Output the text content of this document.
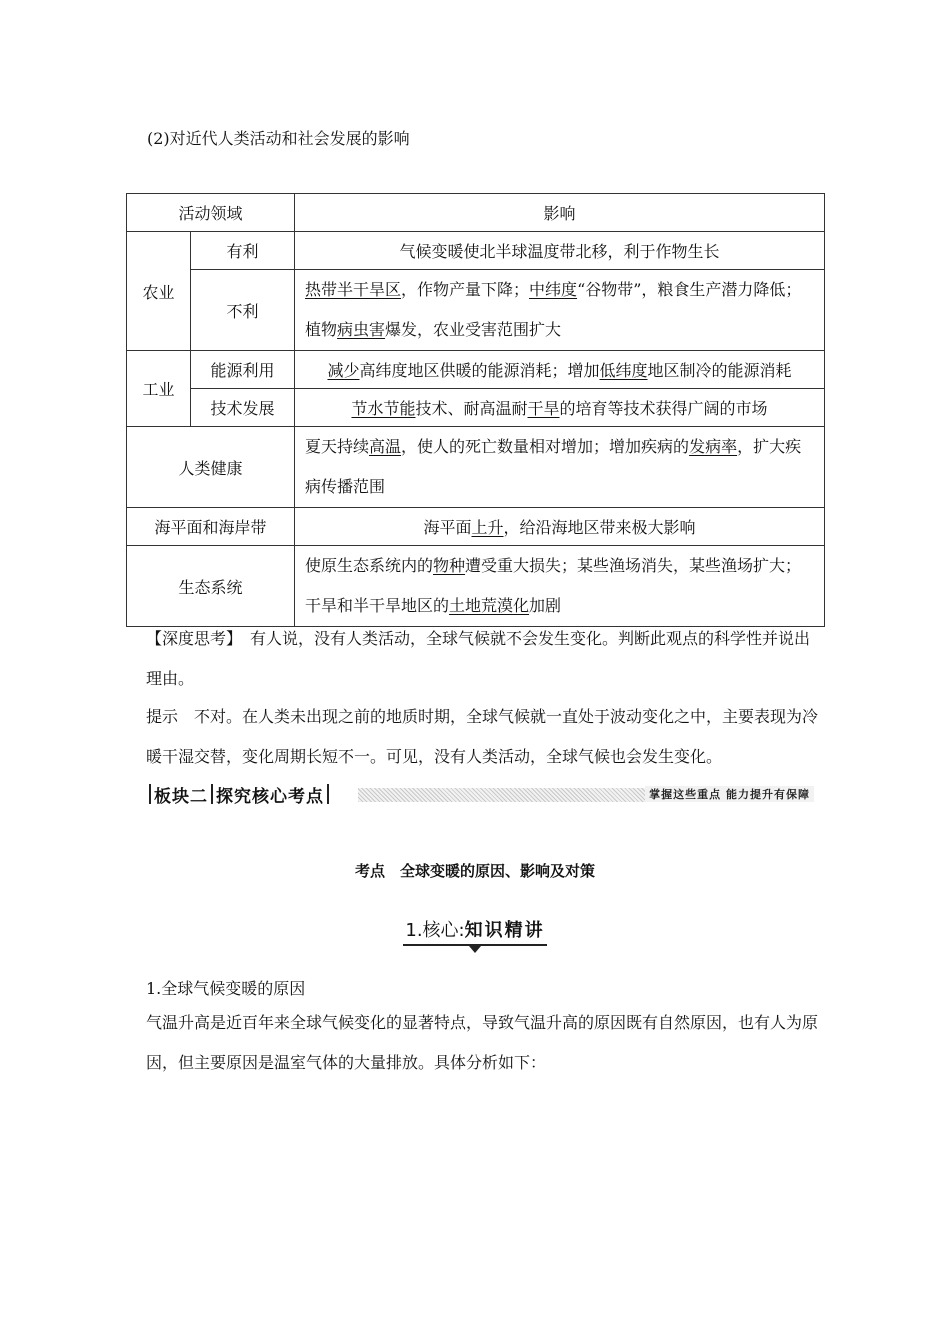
(2)对近代人类活动和社会发展的影响
活动领域		影响
农业	有利	气候变暖使北半球温度带北移，利于作物生长
	不利	热带半干旱区，作物产量下降；中纬度“谷物带”，粮食生产潜力降低；植物病虫害爆发，农业受害范围扩大
工业	能源利用	减少高纬度地区供暖的能源消耗；增加低纬度地区制冷的能源消耗
	技术发展	节水节能技术、耐高温耐干旱的培育等技术获得广阔的市场
人类健康		夏天持续高温，使人的死亡数量相对增加；增加疾病的发病率，扩大疾病传播范围
海平面和海岸带		海平面上升，给沿海地区带来极大影响
生态系统		使原生态系统内的物种遭受重大损失；某些渔场消失，某些渔场扩大；干旱和半干旱地区的土地荒漠化加剧
【深度思考】　有人说，没有人类活动，全球气候就不会发生变化。判断此观点的科学性并说出理由。
提示　不对。在人类未出现之前的地质时期，全球气候就一直处于波动变化之中，主要表现为冷暖干湿交替，变化周期长短不一。可见，没有人类活动，全球气候也会发生变化。
板块二 探究核心考点	掌握这些重点 能力提升有保障
考点　全球变暖的原因、影响及对策
1.核心:知识精讲
1.全球气候变暖的原因
气温升高是近百年来全球气候变化的显著特点，导致气温升高的原因既有自然原因，也有人为原因，但主要原因是温室气体的大量排放。具体分析如下：
